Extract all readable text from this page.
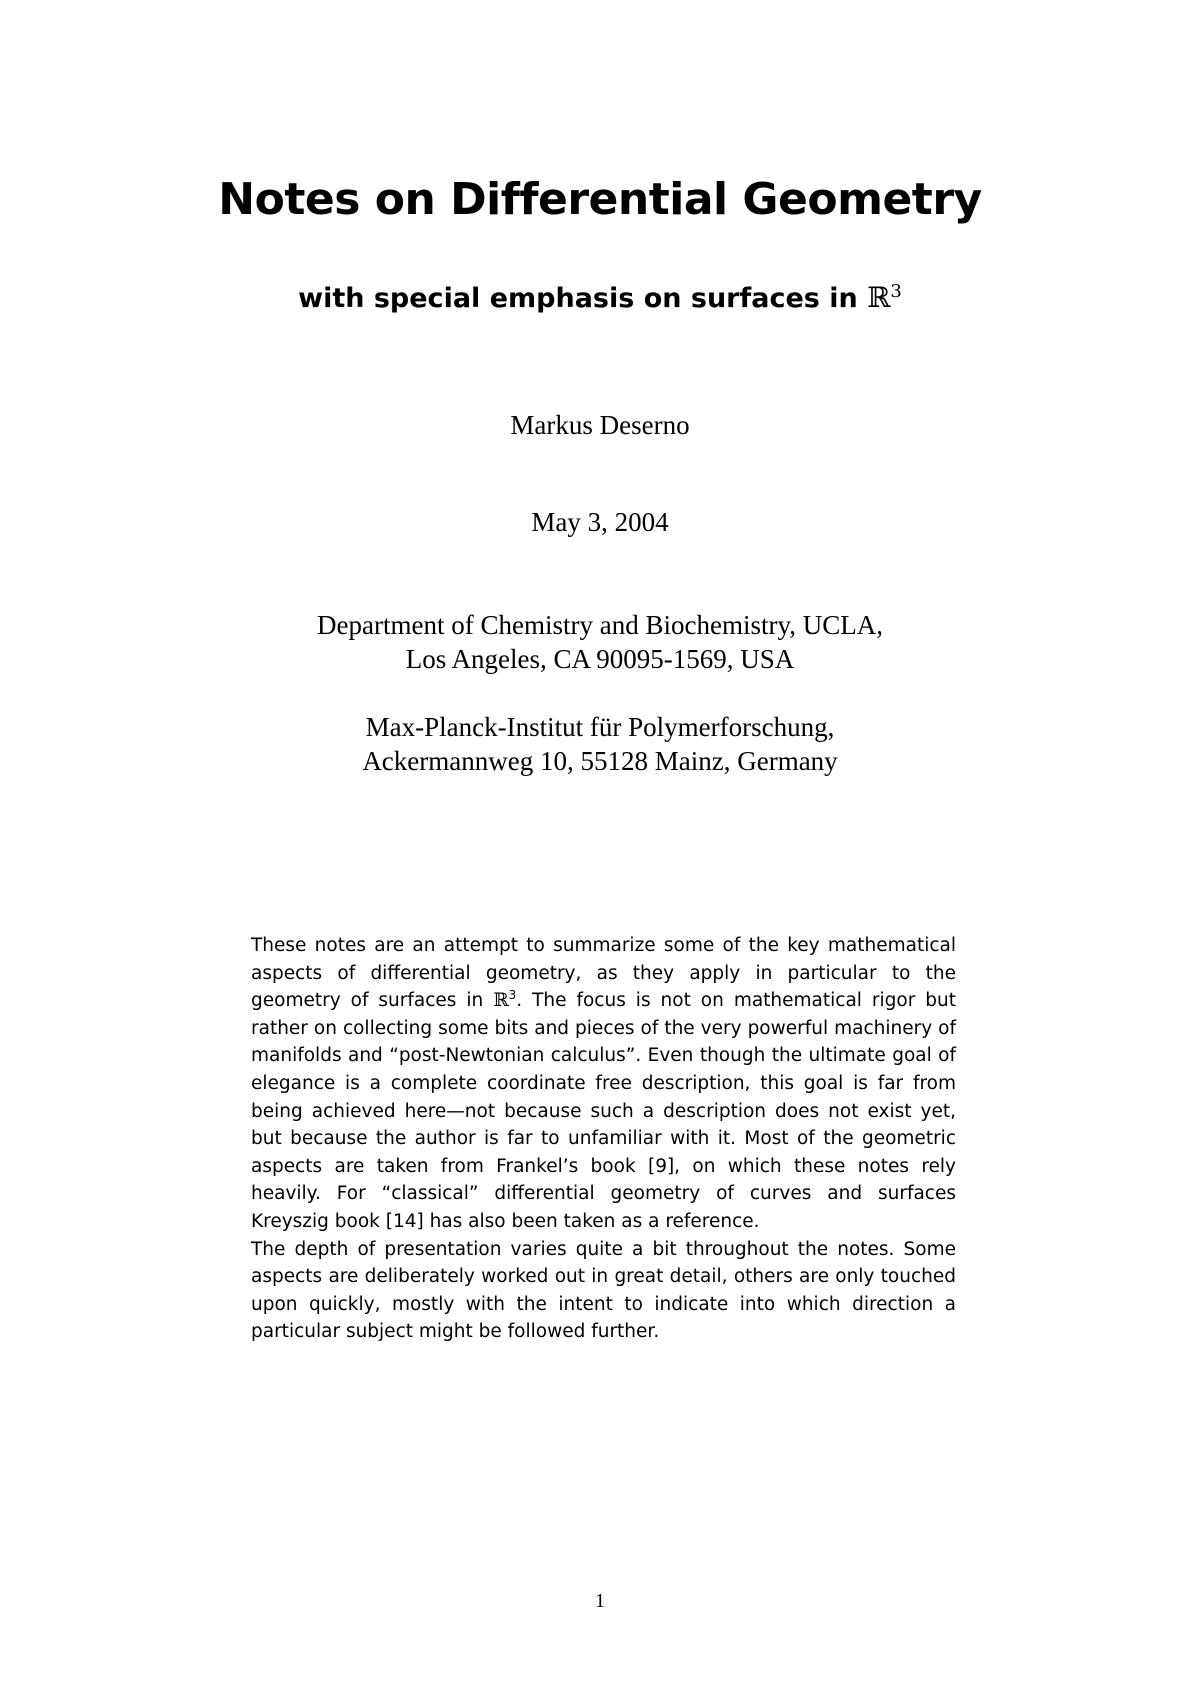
Notes on Differential Geometry
with special emphasis on surfaces in ℝ$^3$
Markus Deserno
May 3, 2004
Department of Chemistry and Biochemistry, UCLA,
Los Angeles, CA 90095-1569, USA
Max-Planck-Institut für Polymerforschung,
Ackermannweg 10, 55128 Mainz, Germany

These notes are an attempt to summarize some of the key mathematical aspects of differential geometry, as they apply in particular to the geometry of surfaces in ℝ$^3$. The focus is not on mathematical rigor but rather on collecting some bits and pieces of the very powerful machinery of manifolds and “post-Newtonian calculus”. Even though the ultimate goal of elegance is a complete coordinate free description, this goal is far from being achieved here—not because such a description does not exist yet, but because the author is far to unfamiliar with it. Most of the geometric aspects are taken from Frankel’s book [9], on which these notes rely heavily. For “classical” differential geometry of curves and surfaces Kreyszig book [14] has also been taken as a reference.

The depth of presentation varies quite a bit throughout the notes. Some aspects are deliberately worked out in great detail, others are only touched upon quickly, mostly with the intent to indicate into which direction a particular subject might be followed further.

1
